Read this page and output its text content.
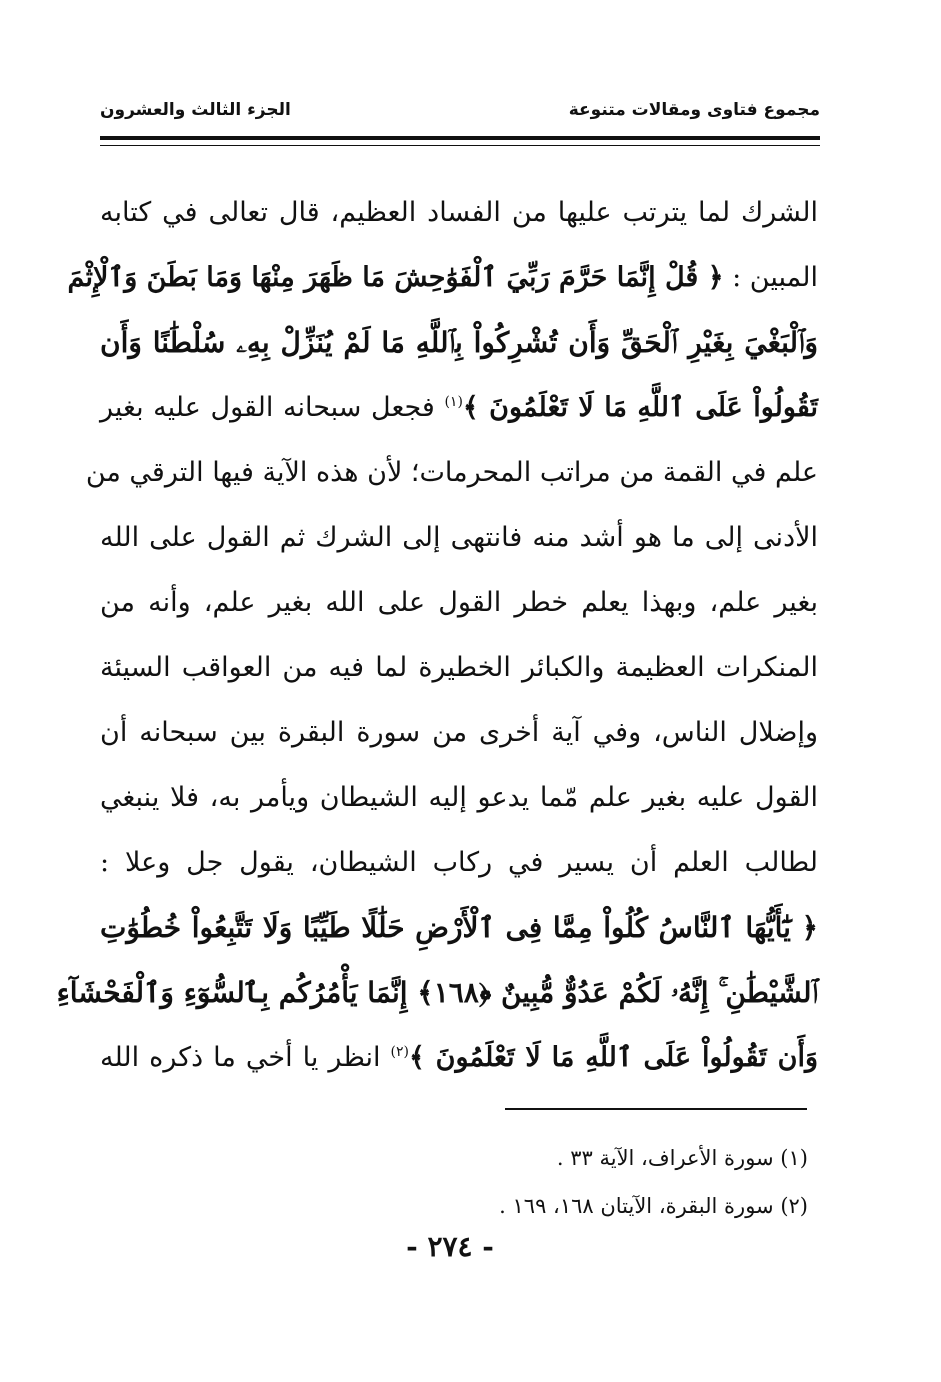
مجموع فتاوى ومقالات متنوعة
الجزء الثالث والعشرون
الشرك لما يترتب عليها من الفساد العظيم، قال تعالى في كتابه
المبين : ﴿ قُلْ إِنَّمَا حَرَّمَ رَبِّيَ ٱلْفَوَٰحِشَ مَا ظَهَرَ مِنْهَا وَمَا بَطَنَ وَٱلْإِثْمَ
وَٱلْبَغْيَ بِغَيْرِ ٱلْحَقِّ وَأَن تُشْرِكُواْ بِٱللَّهِ مَا لَمْ يُنَزِّلْ بِهِۦ سُلْطَٰنًا وَأَن
تَقُولُواْ عَلَى ٱللَّهِ مَا لَا تَعْلَمُونَ ﴾$^{(١)}$ فجعل سبحانه القول عليه بغير
علم في القمة من مراتب المحرمات؛ لأن هذه الآية فيها الترقي من
الأدنى إلى ما هو أشد منه فانتهى إلى الشرك ثم القول على الله
بغير علم، وبهذا يعلم خطر القول على الله بغير علم، وأنه من
المنكرات العظيمة والكبائر الخطيرة لما فيه من العواقب السيئة
وإضلال الناس، وفي آية أخرى من سورة البقرة بين سبحانه أن
القول عليه بغير علم مّما يدعو إليه الشيطان ويأمر به، فلا ينبغي
لطالب العلم أن يسير في ركاب الشيطان، يقول جل وعلا :
﴿ يَٰٓأَيُّهَا ٱلنَّاسُ كُلُواْ مِمَّا فِى ٱلْأَرْضِ حَلَٰلًا طَيِّبًا وَلَا تَتَّبِعُواْ خُطُوَٰتِ
ٱلشَّيْطَٰنِ ۚ إِنَّهُۥ لَكُمْ عَدُوٌّ مُّبِينٌ ﴿١٦٨﴾ إِنَّمَا يَأْمُرُكُم بِٱلسُّوٓءِ وَٱلْفَحْشَآءِ
وَأَن تَقُولُواْ عَلَى ٱللَّهِ مَا لَا تَعْلَمُونَ ﴾$^{(٢)}$ انظر يا أخي ما ذكره الله
(١) سورة الأعراف، الآية ٣٣ .
(٢) سورة البقرة، الآيتان ١٦٨، ١٦٩ .
- ٢٧٤ -
